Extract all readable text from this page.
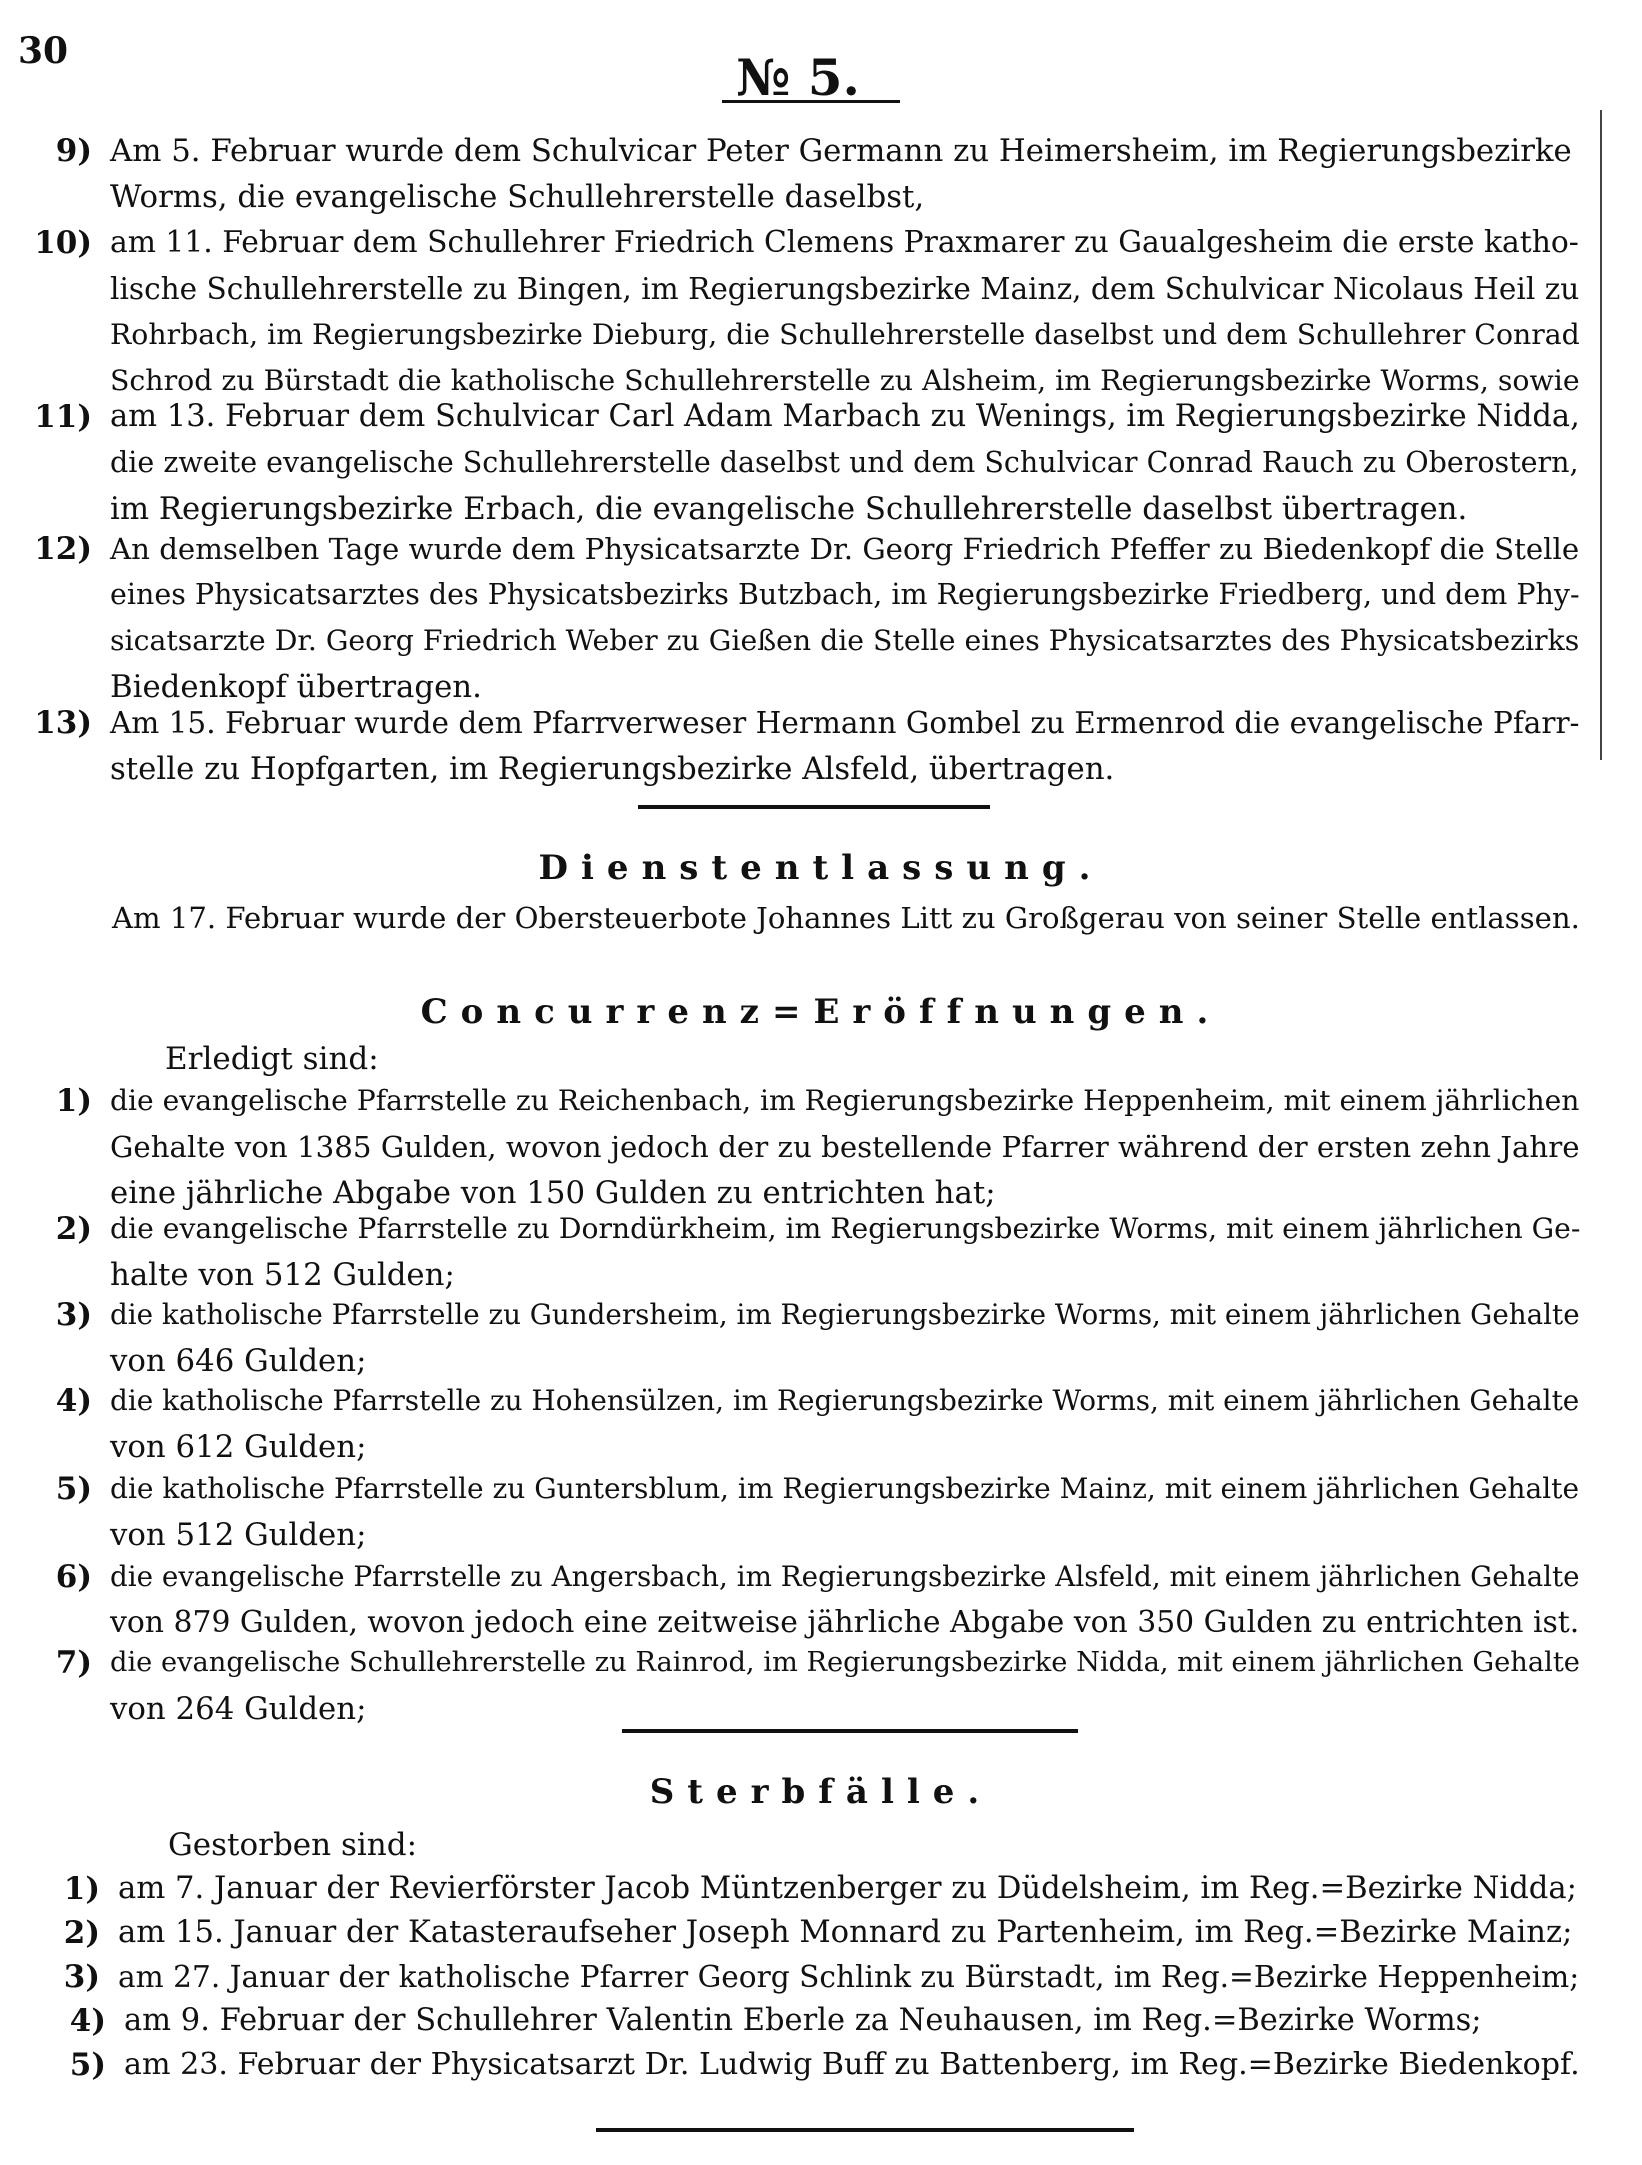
30	№ 5.
9) Am 5. Februar wurde dem Schulvicar Peter Germann zu Heimersheim, im Regierungsbezirke
Worms, die evangelische Schullehrerstelle daselbst,
10) am 11. Februar dem Schullehrer Friedrich Clemens Praxmarer zu Gaualgesheim die erste katho-
lische Schullehrerstelle zu Bingen, im Regierungsbezirke Mainz, dem Schulvicar Nicolaus Heil zu
Rohrbach, im Regierungsbezirke Dieburg, die Schullehrerstelle daselbst und dem Schullehrer Conrad
Schrod zu Bürstadt die katholische Schullehrerstelle zu Alsheim, im Regierungsbezirke Worms, sowie
11) am 13. Februar dem Schulvicar Carl Adam Marbach zu Wenings, im Regierungsbezirke Nidda,
die zweite evangelische Schullehrerstelle daselbst und dem Schulvicar Conrad Rauch zu Oberostern,
im Regierungsbezirke Erbach, die evangelische Schullehrerstelle daselbst übertragen.
12) An demselben Tage wurde dem Physicatsarzte Dr. Georg Friedrich Pfeffer zu Biedenkopf die Stelle
eines Physicatsarztes des Physicatsbezirks Butzbach, im Regierungsbezirke Friedberg, und dem Phy-
sicatsarzte Dr. Georg Friedrich Weber zu Gießen die Stelle eines Physicatsarztes des Physicatsbezirks
Biedenkopf übertragen.
13) Am 15. Februar wurde dem Pfarrverweser Hermann Gombel zu Ermenrod die evangelische Pfarr-
stelle zu Hopfgarten, im Regierungsbezirke Alsfeld, übertragen.
Dienstentlassung.
Am 17. Februar wurde der Obersteuerbote Johannes Litt zu Großgerau von seiner Stelle entlassen.
Concurrenz=Eröffnungen.
Erledigt sind:
1) die evangelische Pfarrstelle zu Reichenbach, im Regierungsbezirke Heppenheim, mit einem jährlichen
Gehalte von 1385 Gulden, wovon jedoch der zu bestellende Pfarrer während der ersten zehn Jahre
eine jährliche Abgabe von 150 Gulden zu entrichten hat;
2) die evangelische Pfarrstelle zu Dorndürkheim, im Regierungsbezirke Worms, mit einem jährlichen Ge-
halte von 512 Gulden;
3) die katholische Pfarrstelle zu Gundersheim, im Regierungsbezirke Worms, mit einem jährlichen Gehalte
von 646 Gulden;
4) die katholische Pfarrstelle zu Hohensülzen, im Regierungsbezirke Worms, mit einem jährlichen Gehalte
von 612 Gulden;
5) die katholische Pfarrstelle zu Guntersblum, im Regierungsbezirke Mainz, mit einem jährlichen Gehalte
von 512 Gulden;
6) die evangelische Pfarrstelle zu Angersbach, im Regierungsbezirke Alsfeld, mit einem jährlichen Gehalte
von 879 Gulden, wovon jedoch eine zeitweise jährliche Abgabe von 350 Gulden zu entrichten ist.
7) die evangelische Schullehrerstelle zu Rainrod, im Regierungsbezirke Nidda, mit einem jährlichen Gehalte
von 264 Gulden;
Sterbfälle.
Gestorben sind:
1) am 7. Januar der Revierförster Jacob Müntzenberger zu Düdelsheim, im Reg.=Bezirke Nidda;
2) am 15. Januar der Katasteraufseher Joseph Monnard zu Partenheim, im Reg.=Bezirke Mainz;
3) am 27. Januar der katholische Pfarrer Georg Schlink zu Bürstadt, im Reg.=Bezirke Heppenheim;
4) am 9. Februar der Schullehrer Valentin Eberle za Neuhausen, im Reg.=Bezirke Worms;
5) am 23. Februar der Physicatsarzt Dr. Ludwig Buff zu Battenberg, im Reg.=Bezirke Biedenkopf.
